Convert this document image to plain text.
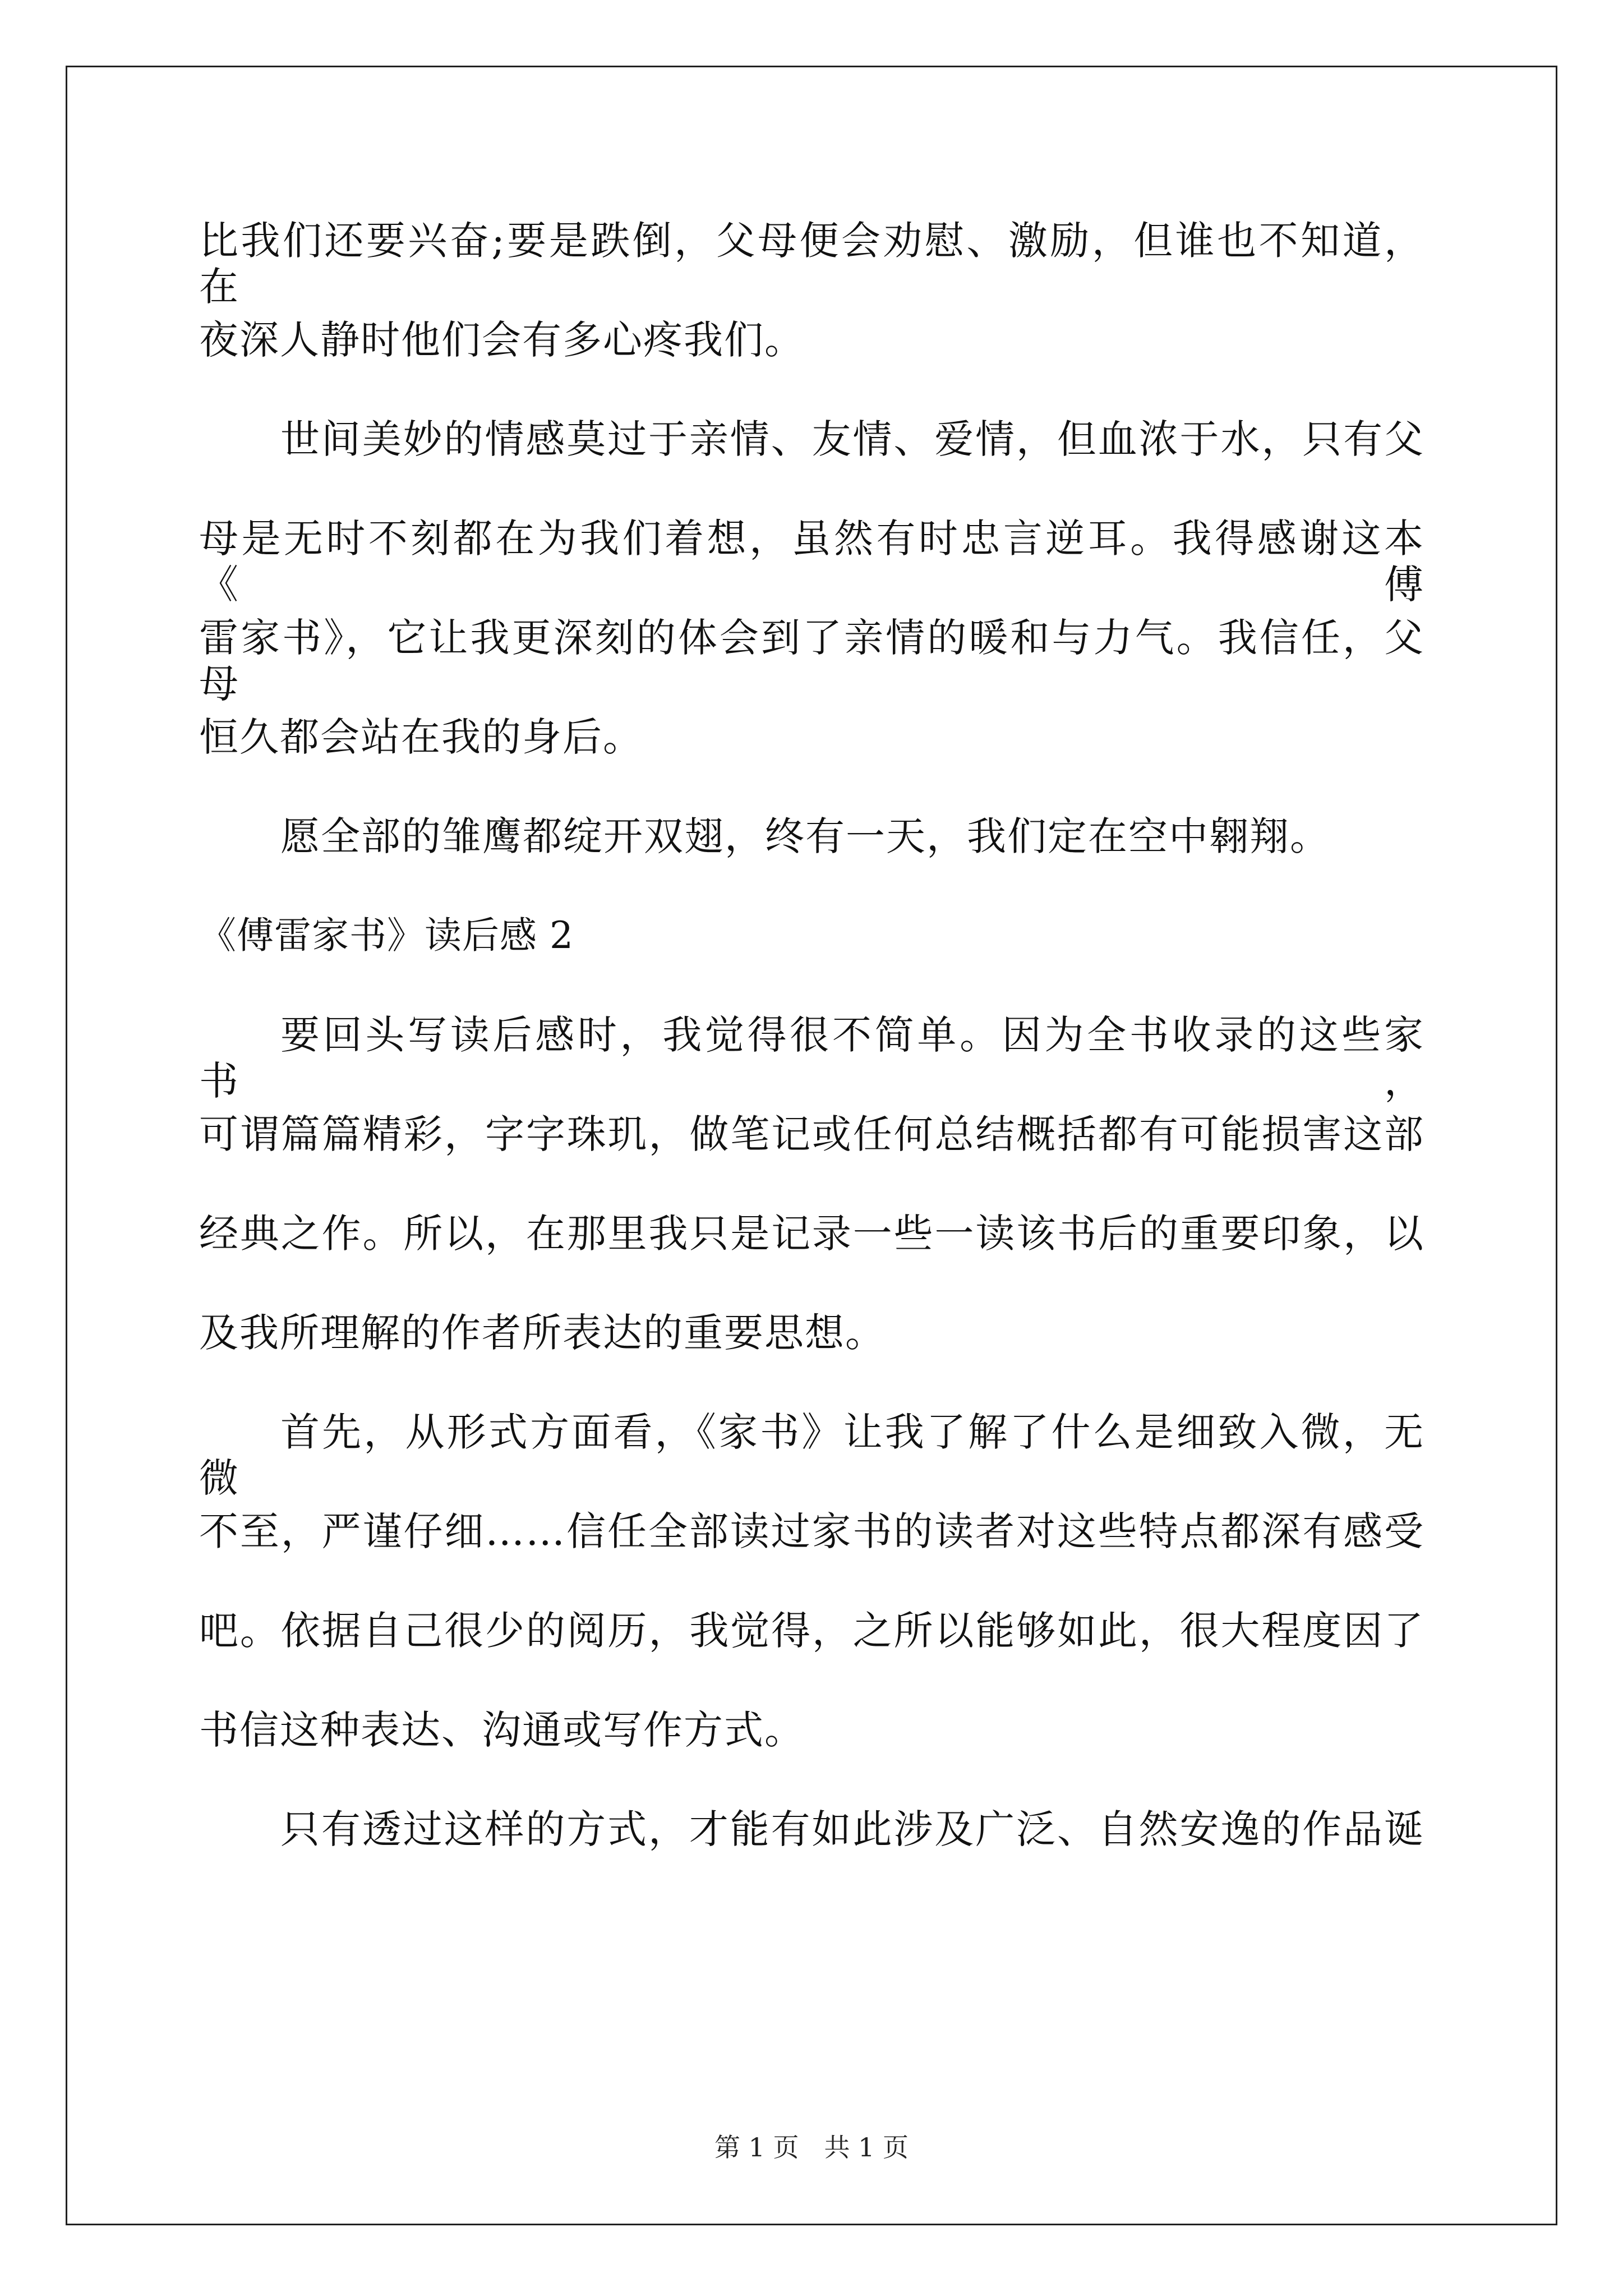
比我们还要兴奋;要是跌倒，父母便会劝慰、激励，但谁也不知道，在
夜深人静时他们会有多心疼我们。
世间美妙的情感莫过于亲情、友情、爱情，但血浓于水，只有父
母是无时不刻都在为我们着想，虽然有时忠言逆耳。我得感谢这本《傅
雷家书》，它让我更深刻的体会到了亲情的暖和与力气。我信任，父母
恒久都会站在我的身后。
愿全部的雏鹰都绽开双翅，终有一天，我们定在空中翱翔。
《傅雷家书》读后感 2
要回头写读后感时，我觉得很不简单。因为全书收录的这些家书，
可谓篇篇精彩，字字珠玑，做笔记或任何总结概括都有可能损害这部
经典之作。所以，在那里我只是记录一些一读该书后的重要印象，以
及我所理解的作者所表达的重要思想。
首先，从形式方面看，《家书》让我了解了什么是细致入微，无微
不至，严谨仔细……信任全部读过家书的读者对这些特点都深有感受
吧。依据自己很少的阅历，我觉得，之所以能够如此，很大程度因了
书信这种表达、沟通或写作方式。
只有透过这样的方式，才能有如此涉及广泛、自然安逸的作品诞
第 1 页 共 1 页
